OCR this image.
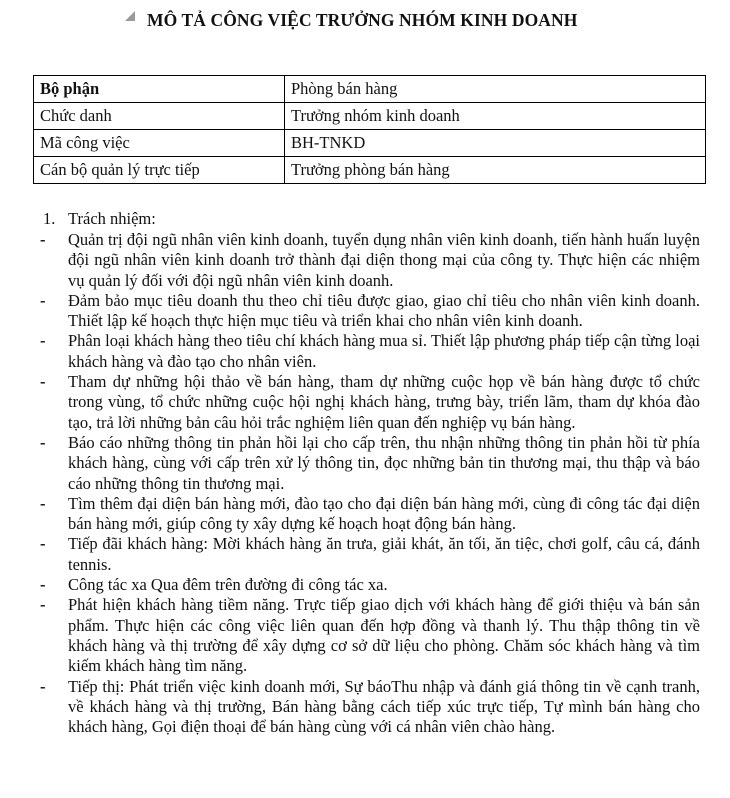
MÔ TẢ CÔNG VIỆC TRƯỞNG NHÓM KINH DOANH
Bộ phận	Phòng bán hàng
Chức danh	Trưởng nhóm kinh doanh
Mã công việc	BH-TNKD
Cán bộ quản lý trực tiếp	Trưởng phòng bán hàng
1. Trách nhiệm:
- Quản trị đội ngũ nhân viên kinh doanh, tuyển dụng nhân viên kinh doanh, tiến hành huấn luyện đội ngũ nhân viên kinh doanh trở thành đại diện thong mại của công ty. Thực hiện các nhiệm vụ quản lý đối với đội ngũ nhân viên kinh doanh.
- Đảm bảo mục tiêu doanh thu theo chỉ tiêu được giao, giao chỉ tiêu cho nhân viên kinh doanh. Thiết lập kế hoạch thực hiện mục tiêu và triển khai cho nhân viên kinh doanh.
- Phân loại khách hàng theo tiêu chí khách hàng mua sỉ. Thiết lập phương pháp tiếp cận từng loại khách hàng và đào tạo cho nhân viên.
- Tham dự những hội thảo về bán hàng, tham dự những cuộc họp về bán hàng được tổ chức trong vùng, tổ chức những cuộc hội nghị khách hàng, trưng bày, triển lãm, tham dự khóa đào tạo, trả lời những bản câu hỏi trắc nghiệm liên quan đến nghiệp vụ bán hàng.
- Báo cáo những thông tin phản hồi lại cho cấp trên, thu nhận những thông tin phản hồi từ phía khách hàng, cùng với cấp trên xử lý thông tin, đọc những bản tin thương mại, thu thập và báo cáo những thông tin thương mại.
- Tìm thêm đại diện bán hàng mới, đào tạo cho đại diện bán hàng mới, cùng đi công tác đại diện bán hàng mới, giúp công ty xây dựng kế hoạch hoạt động bán hàng.
- Tiếp đãi khách hàng: Mời khách hàng ăn trưa, giải khát, ăn tối, ăn tiệc, chơi golf, câu cá, đánh tennis.
- Công tác xa Qua đêm trên đường đi công tác xa.
- Phát hiện khách hàng tiềm năng. Trực tiếp giao dịch với khách hàng để giới thiệu và bán sản phẩm. Thực hiện các công việc liên quan đến hợp đồng và thanh lý. Thu thập thông tin về khách hàng và thị trường để xây dựng cơ sở dữ liệu cho phòng. Chăm sóc khách hàng và tìm kiếm khách hàng tìm năng.
- Tiếp thị: Phát triển việc kinh doanh mới, Sự báoThu nhập và đánh giá thông tin về cạnh tranh, về khách hàng và thị trường, Bán hàng bằng cách tiếp xúc trực tiếp, Tự mình bán hàng cho khách hàng, Gọi điện thoại để bán hàng cùng với cá nhân viên chào hàng.
